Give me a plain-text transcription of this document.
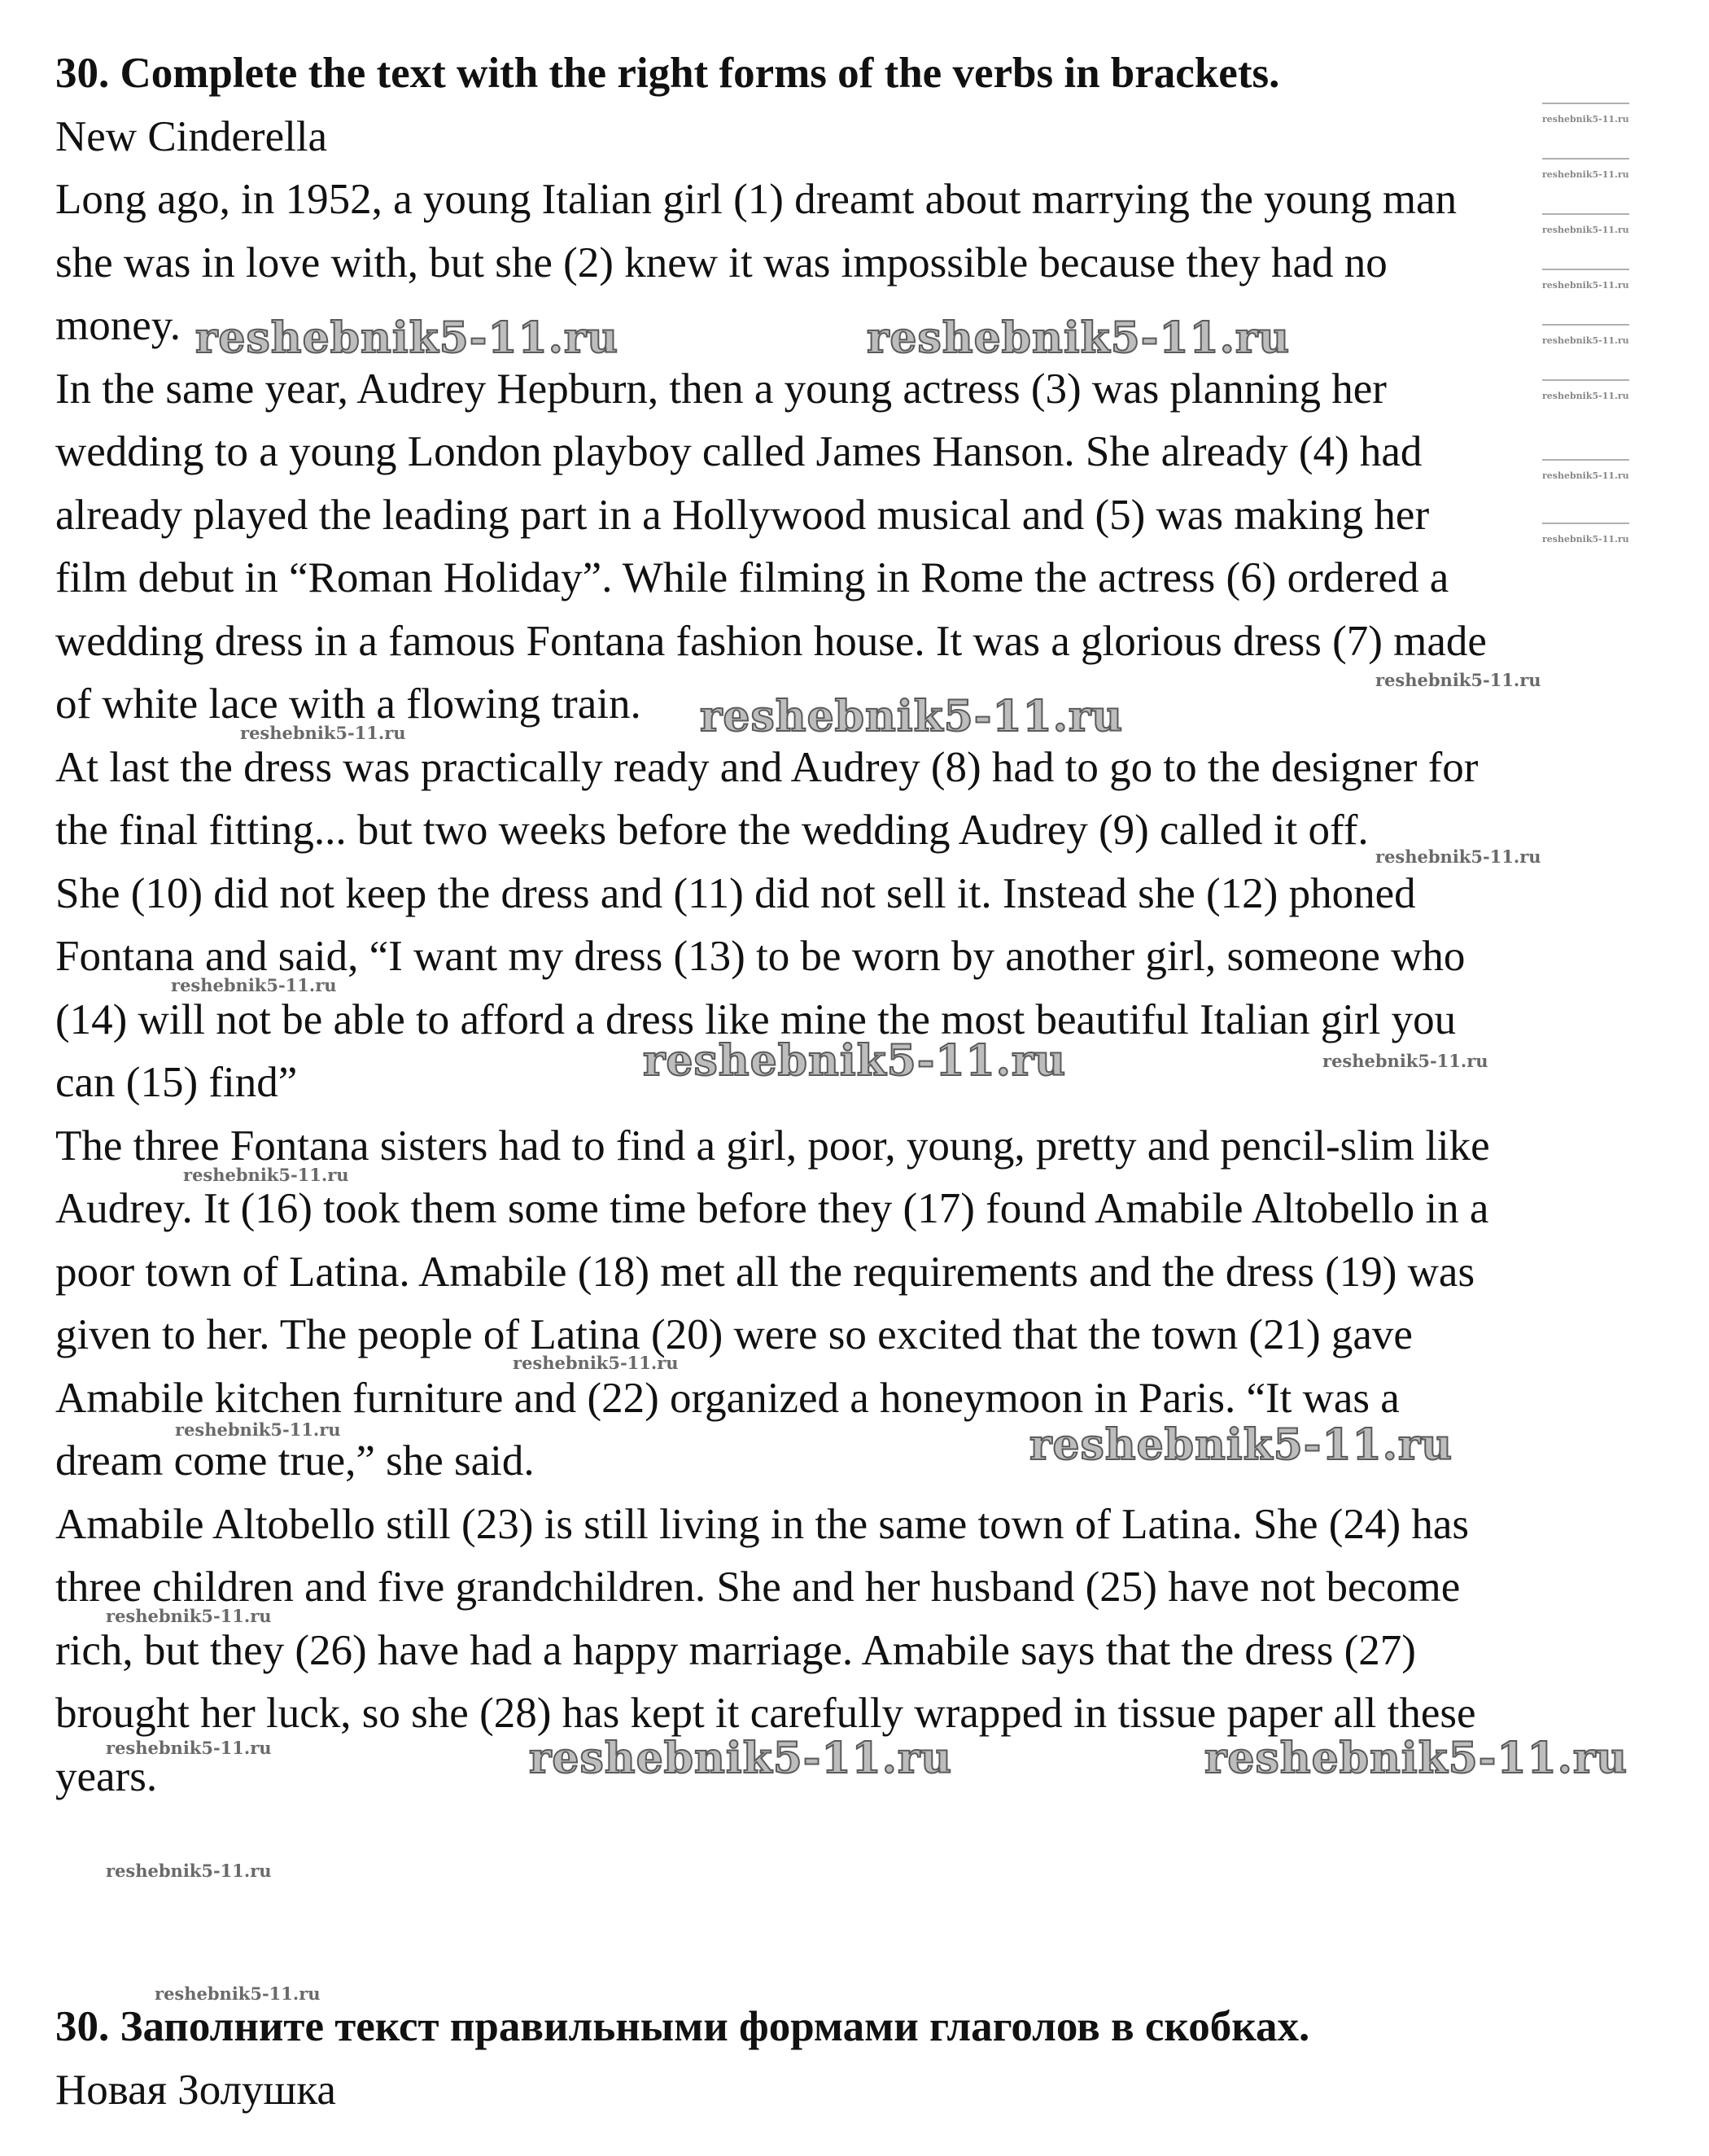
30. Complete the text with the right forms of the verbs in brackets.
New Cinderella
Long ago, in 1952, a young Italian girl (1) dreamt about marrying the young man
she was in love with, but she (2) knew it was impossible because they had no
money.
In the same year, Audrey Hepburn, then a young actress (3) was planning her
wedding to a young London playboy called James Hanson. She already (4) had
already played the leading part in a Hollywood musical and (5) was making her
film debut in “Roman Holiday”. While filming in Rome the actress (6) ordered a
wedding dress in a famous Fontana fashion house. It was a glorious dress (7) made
of white lace with a flowing train.
At last the dress was practically ready and Audrey (8) had to go to the designer for
the final fitting... but two weeks before the wedding Audrey (9) called it off.
She (10) did not keep the dress and (11) did not sell it. Instead she (12) phoned
Fontana and said, “I want my dress (13) to be worn by another girl, someone who
(14) will not be able to afford a dress like mine the most beautiful Italian girl you
can (15) find”
The three Fontana sisters had to find a girl, poor, young, pretty and pencil-slim like
Audrey. It (16) took them some time before they (17) found Amabile Altobello in a
poor town of Latina. Amabile (18) met all the requirements and the dress (19) was
given to her. The people of Latina (20) were so excited that the town (21) gave
Amabile kitchen furniture and (22) organized a honeymoon in Paris. “It was a
dream come true,” she said.
Amabile Altobello still (23) is still living in the same town of Latina. She (24) has
three children and five grandchildren. She and her husband (25) have not become
rich, but they (26) have had a happy marriage. Amabile says that the dress (27)
brought her luck, so she (28) has kept it carefully wrapped in tissue paper all these
years.
30. Заполните текст правильными формами глаголов в скобках.
Новая Золушка
reshebnik5-11.ru	reshebnik5-11.ru
reshebnik5-11.ru
reshebnik5-11.ru
reshebnik5-11.ru
reshebnik5-11.ru	reshebnik5-11.ru
reshebnik5-11.ru
reshebnik5-11.ru
reshebnik5-11.ru
reshebnik5-11.ru
reshebnik5-11.ru
reshebnik5-11.ru
reshebnik5-11.ru
reshebnik5-11.ru
reshebnik5-11.ru
reshebnik5-11.ru
reshebnik5-11.ru
reshebnik5-11.ru
reshebnik5-11.ru
reshebnik5-11.ru
reshebnik5-11.ru
reshebnik5-11.ru
reshebnik5-11.ru
reshebnik5-11.ru
reshebnik5-11.ru
reshebnik5-11.ru
